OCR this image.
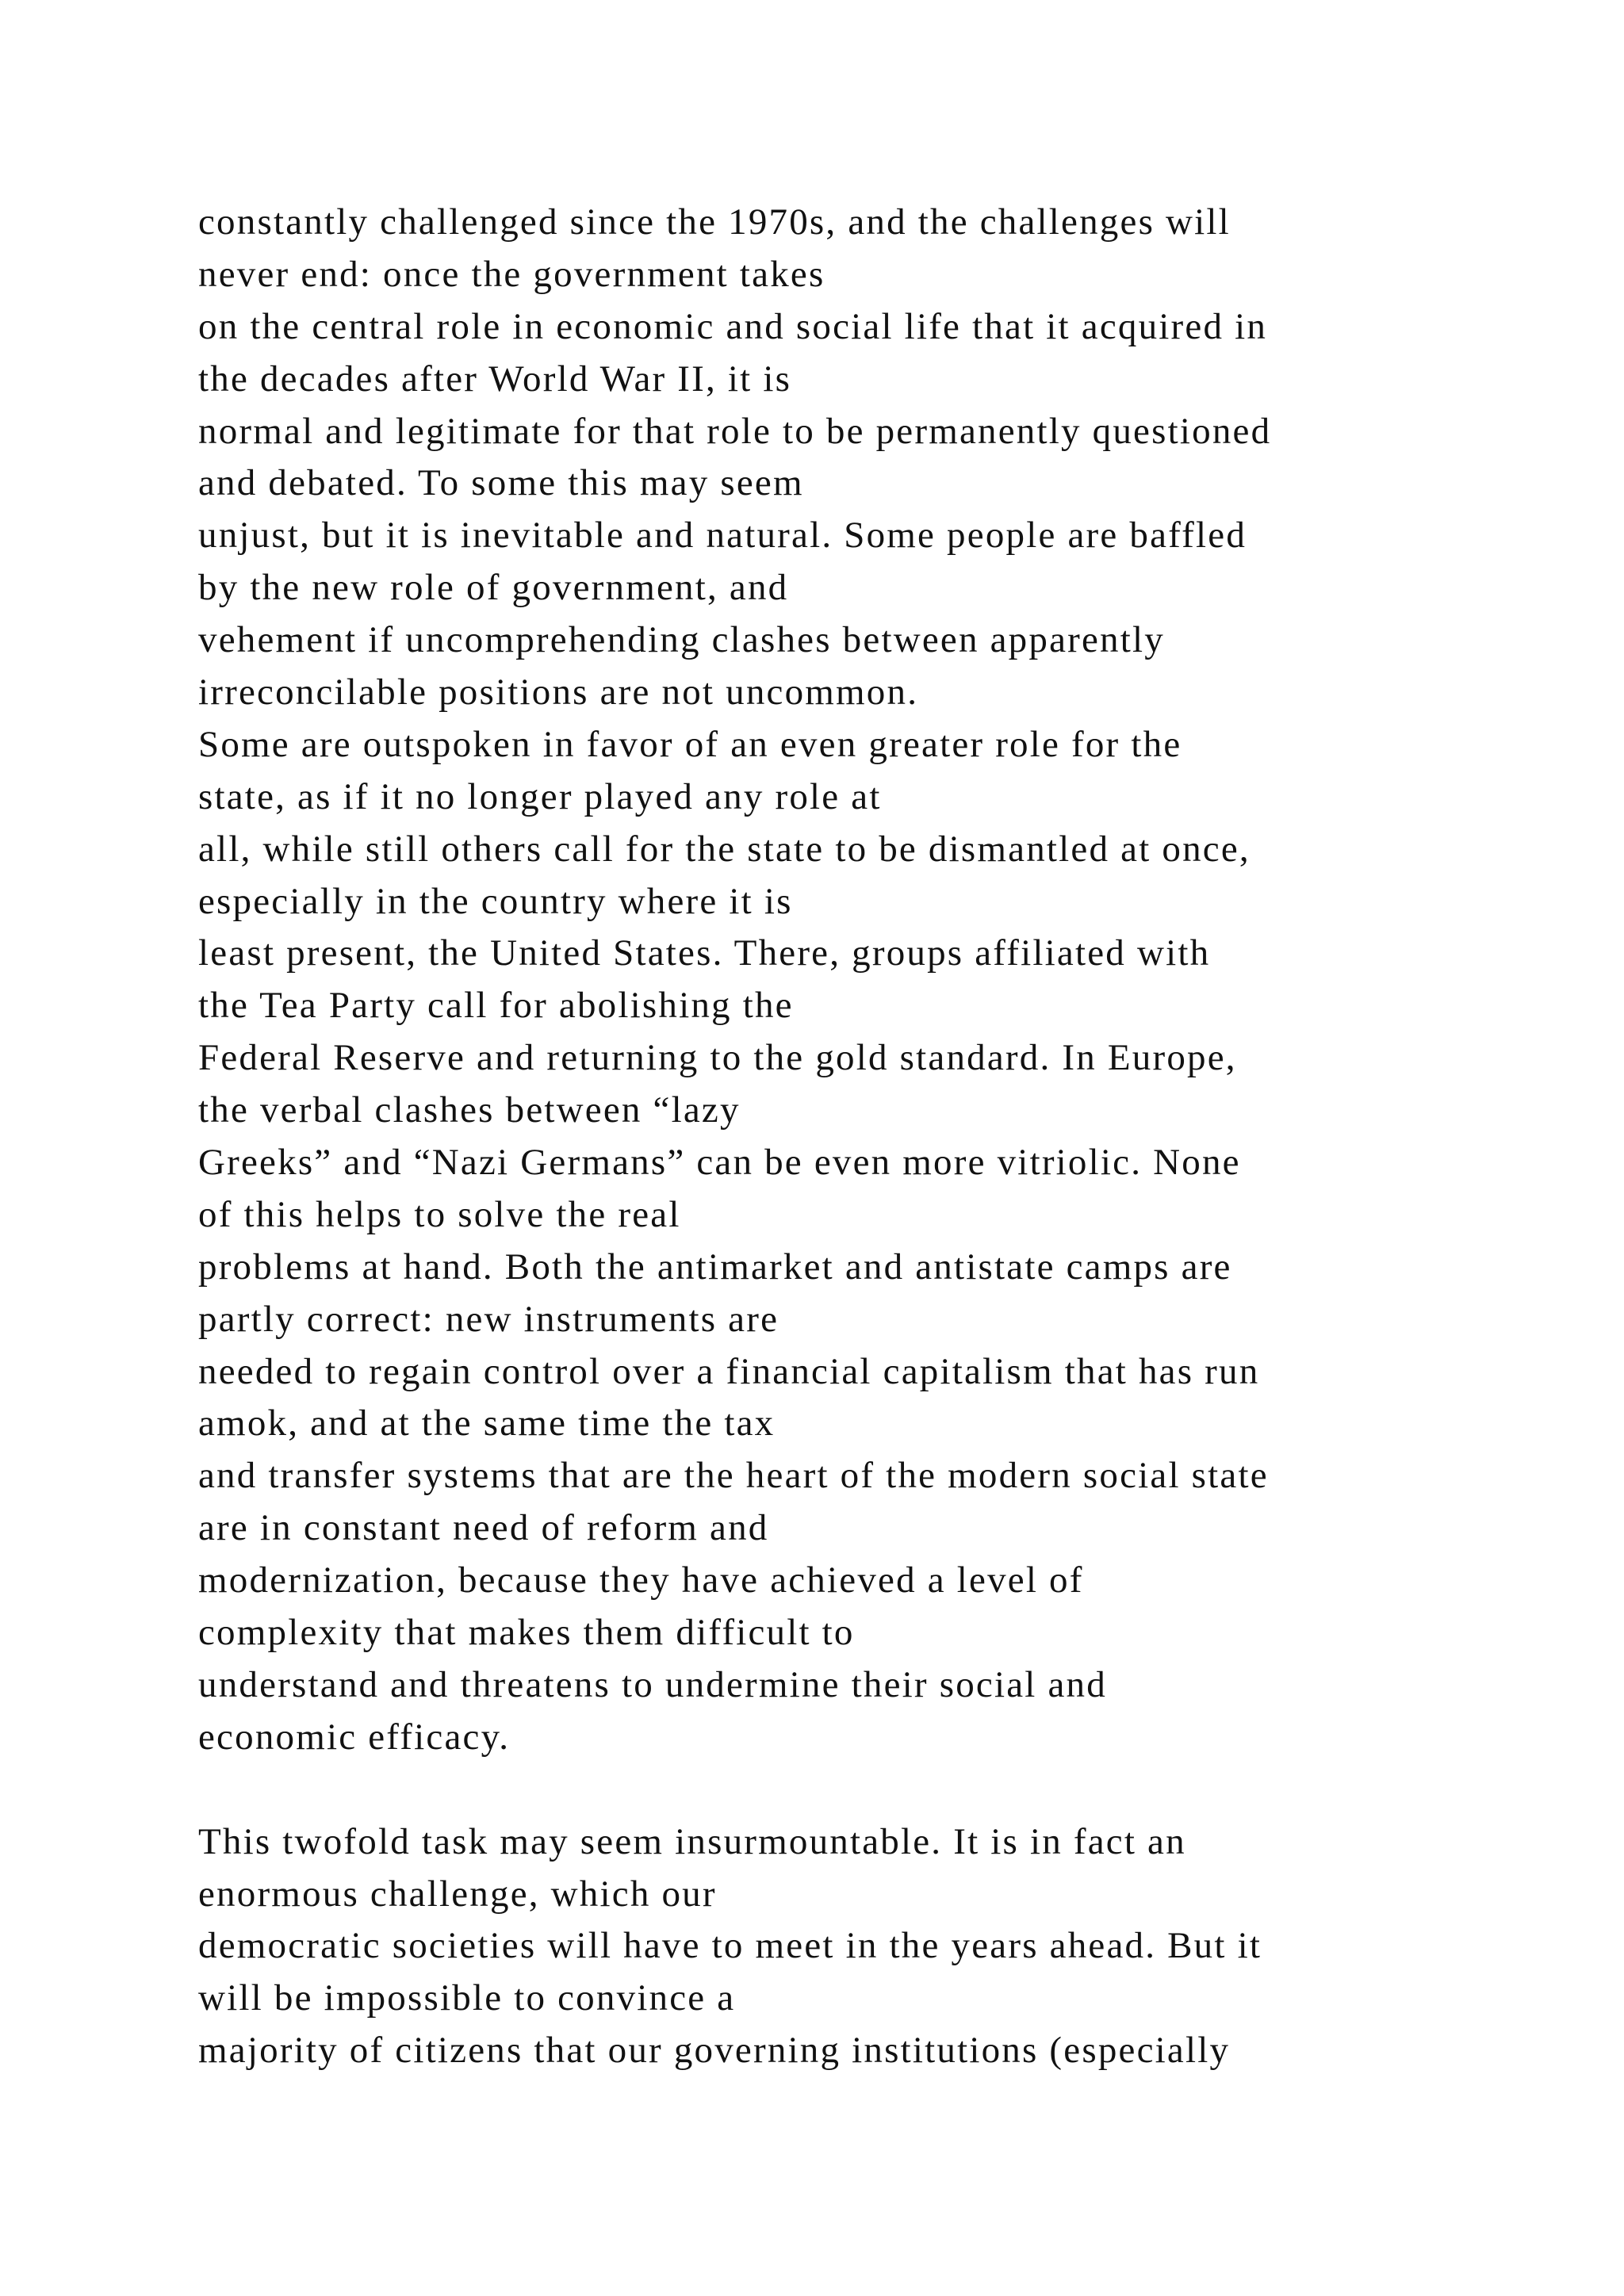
constantly challenged since the 1970s, and the challenges will
never end: once the government takes
on the central role in economic and social life that it acquired in
the decades after World War II, it is
normal and legitimate for that role to be permanently questioned
and debated. To some this may seem
unjust, but it is inevitable and natural. Some people are baffled
by the new role of government, and
vehement if uncomprehending clashes between apparently
irreconcilable positions are not uncommon.
Some are outspoken in favor of an even greater role for the
state, as if it no longer played any role at
all, while still others call for the state to be dismantled at once,
especially in the country where it is
least present, the United States. There, groups affiliated with
the Tea Party call for abolishing the
Federal Reserve and returning to the gold standard. In Europe,
the verbal clashes between “lazy
Greeks” and “Nazi Germans” can be even more vitriolic. None
of this helps to solve the real
problems at hand. Both the antimarket and antistate camps are
partly correct: new instruments are
needed to regain control over a financial capitalism that has run
amok, and at the same time the tax
and transfer systems that are the heart of the modern social state
are in constant need of reform and
modernization, because they have achieved a level of
complexity that makes them difficult to
understand and threatens to undermine their social and
economic efficacy.
This twofold task may seem insurmountable. It is in fact an
enormous challenge, which our
democratic societies will have to meet in the years ahead. But it
will be impossible to convince a
majority of citizens that our governing institutions (especially
